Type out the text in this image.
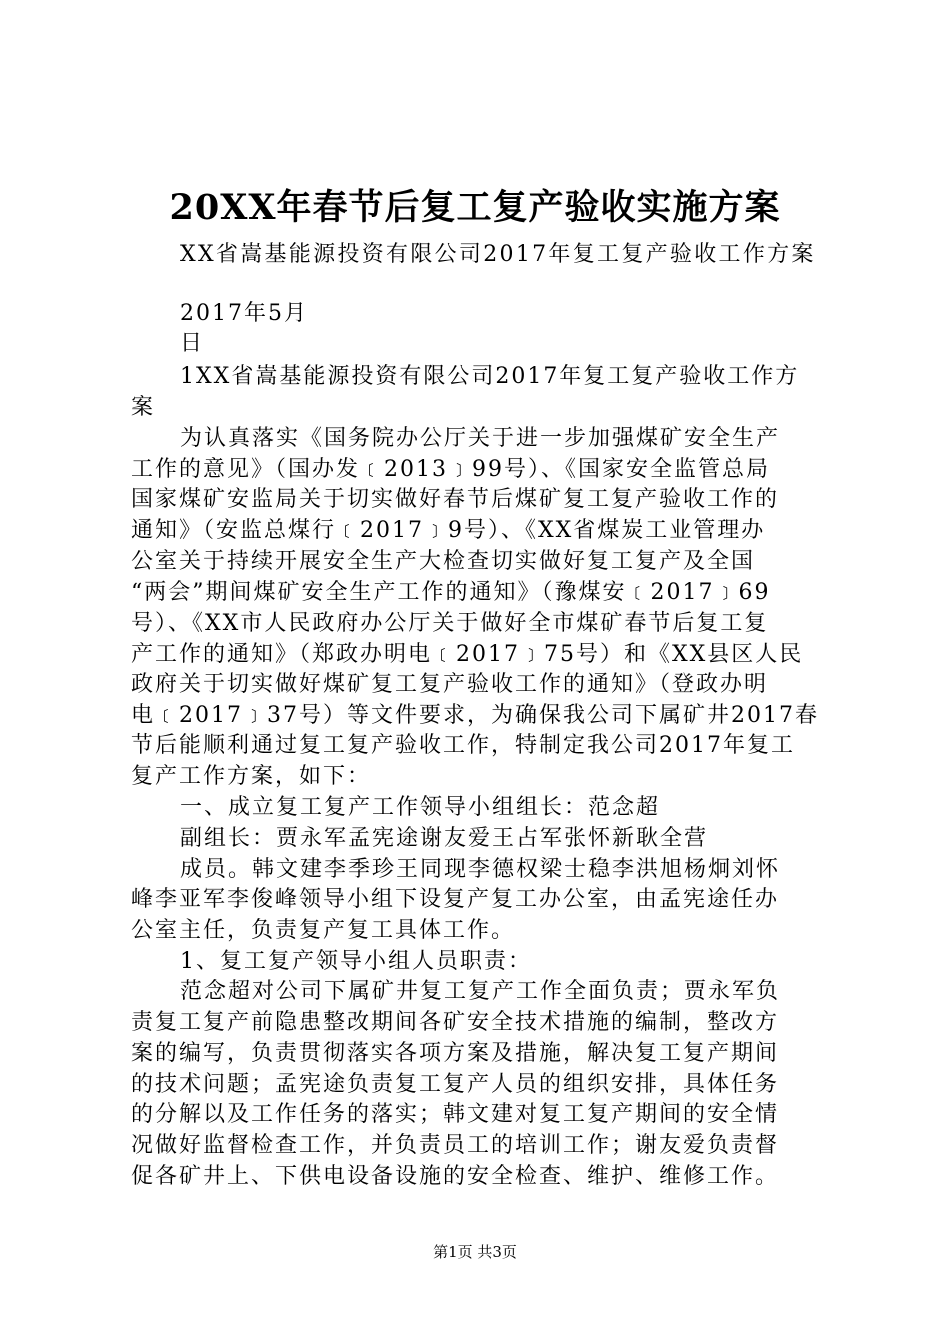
20XX年春节后复工复产验收实施方案
XX省嵩基能源投资有限公司2017年复工复产验收工作方案
2017年5月
日
1XX省嵩基能源投资有限公司2017年复工复产验收工作方
案
为认真落实《国务院办公厅关于进一步加强煤矿安全生产
工作的意见》（国办发﹝2013﹞99号）、《国家安全监管总局
国家煤矿安监局关于切实做好春节后煤矿复工复产验收工作的
通知》（安监总煤行﹝2017﹞9号）、《XX省煤炭工业管理办
公室关于持续开展安全生产大检查切实做好复工复产及全国
“两会”期间煤矿安全生产工作的通知》（豫煤安﹝2017﹞69
号）、《XX市人民政府办公厅关于做好全市煤矿春节后复工复
产工作的通知》（郑政办明电﹝2017﹞75号）和《XX县区人民
政府关于切实做好煤矿复工复产验收工作的通知》（登政办明
电﹝2017﹞37号）等文件要求，为确保我公司下属矿井2017春
节后能顺利通过复工复产验收工作，特制定我公司2017年复工
复产工作方案，如下：
一、成立复工复产工作领导小组组长：范念超
副组长：贾永军孟宪途谢友爱王占军张怀新耿全营
成员。韩文建李季珍王同现李德权梁士稳李洪旭杨炯刘怀
峰李亚军李俊峰领导小组下设复产复工办公室，由孟宪途任办
公室主任，负责复产复工具体工作。
1、复工复产领导小组人员职责：
范念超对公司下属矿井复工复产工作全面负责；贾永军负
责复工复产前隐患整改期间各矿安全技术措施的编制，整改方
案的编写，负责贯彻落实各项方案及措施，解决复工复产期间
的技术问题；孟宪途负责复工复产人员的组织安排，具体任务
的分解以及工作任务的落实；韩文建对复工复产期间的安全情
况做好监督检查工作，并负责员工的培训工作；谢友爱负责督
促各矿井上、下供电设备设施的安全检查、维护、维修工作。
第1页 共3页
